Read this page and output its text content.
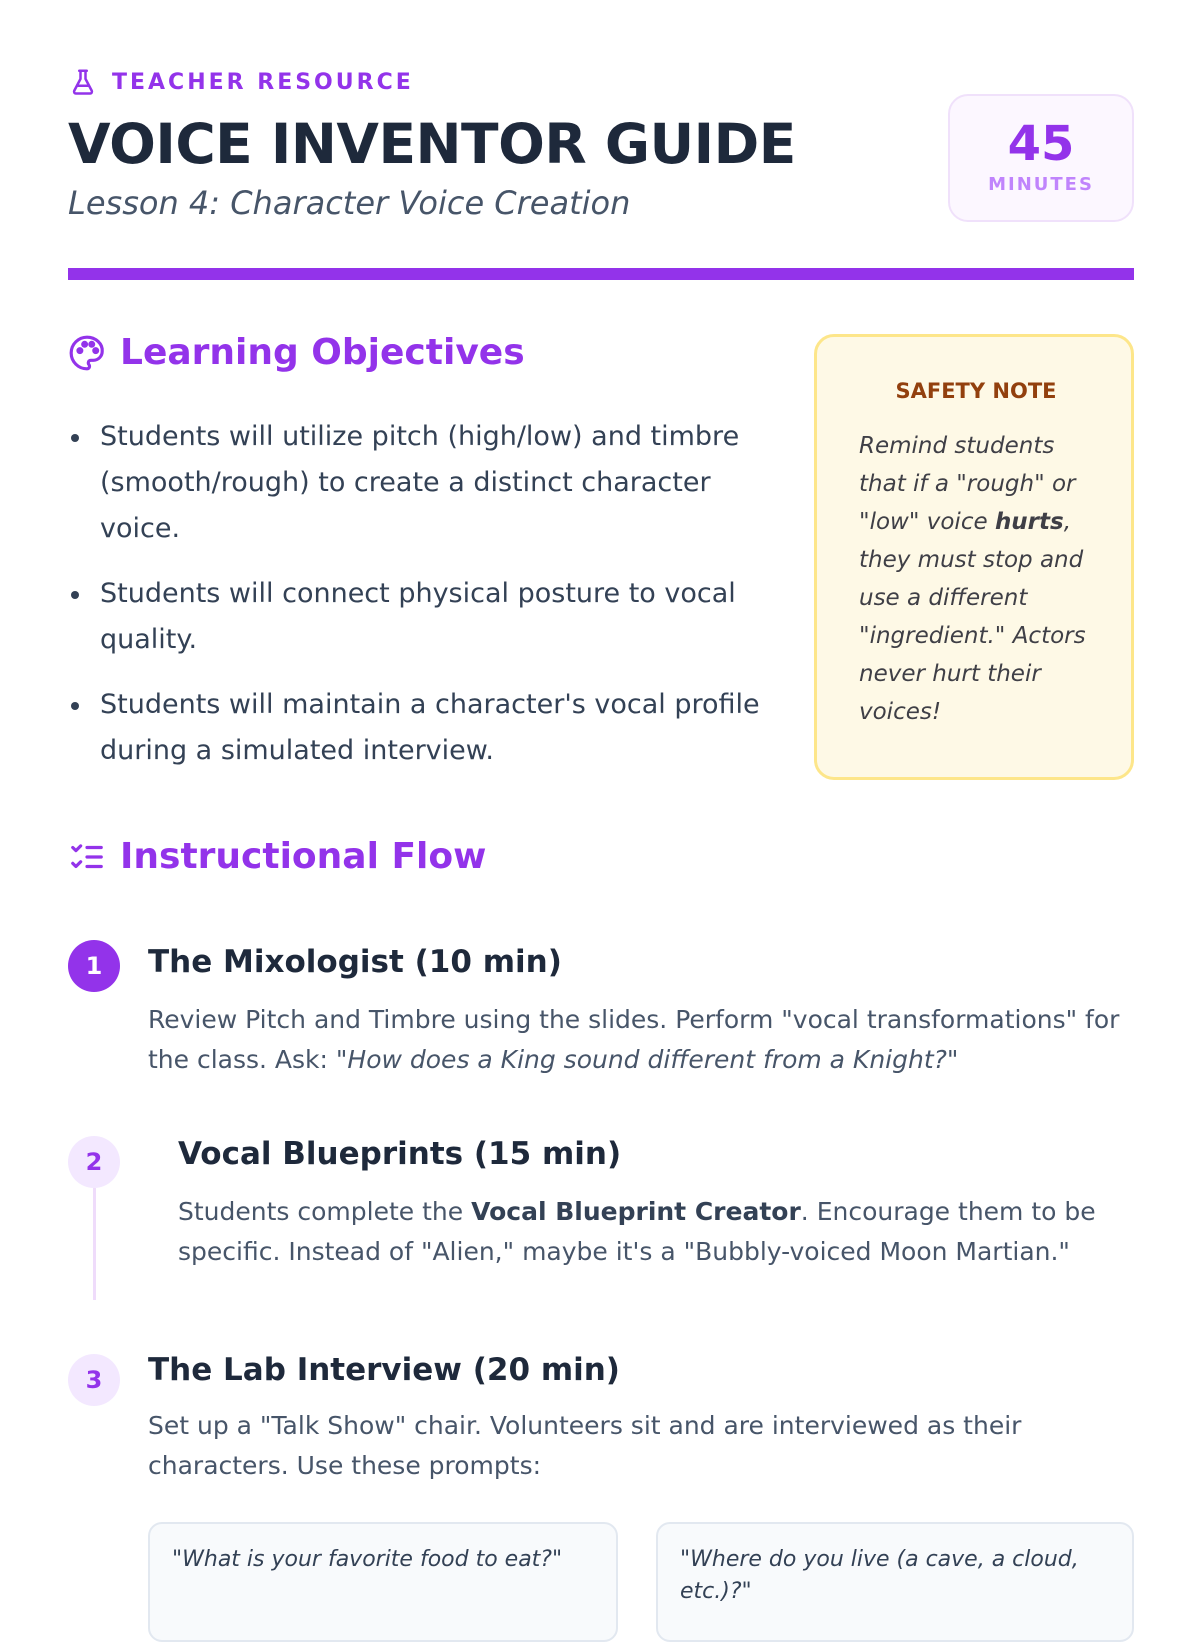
TEACHER RESOURCE
VOICE INVENTOR GUIDE
Lesson 4: Character Voice Creation
45
MINUTES
Learning Objectives
Students will utilize pitch (high/low) and timbre (smooth/rough) to create a distinct character voice.
Students will connect physical posture to vocal quality.
Students will maintain a character's vocal profile during a simulated interview.
SAFETY NOTE
Remind students that if a "rough" or "low" voice hurts, they must stop and use a different "ingredient." Actors never hurt their voices!
Instructional Flow
1	The Mixologist (10 min)
Review Pitch and Timbre using the slides. Perform "vocal transformations" for the class. Ask: "How does a King sound different from a Knight?"
2	Vocal Blueprints (15 min)
Students complete the Vocal Blueprint Creator. Encourage them to be specific. Instead of "Alien," maybe it's a "Bubbly-voiced Moon Martian."
3	The Lab Interview (20 min)
Set up a "Talk Show" chair. Volunteers sit and are interviewed as their characters. Use these prompts:
"What is your favorite food to eat?"	"Where do you live (a cave, a cloud, etc.)?"
